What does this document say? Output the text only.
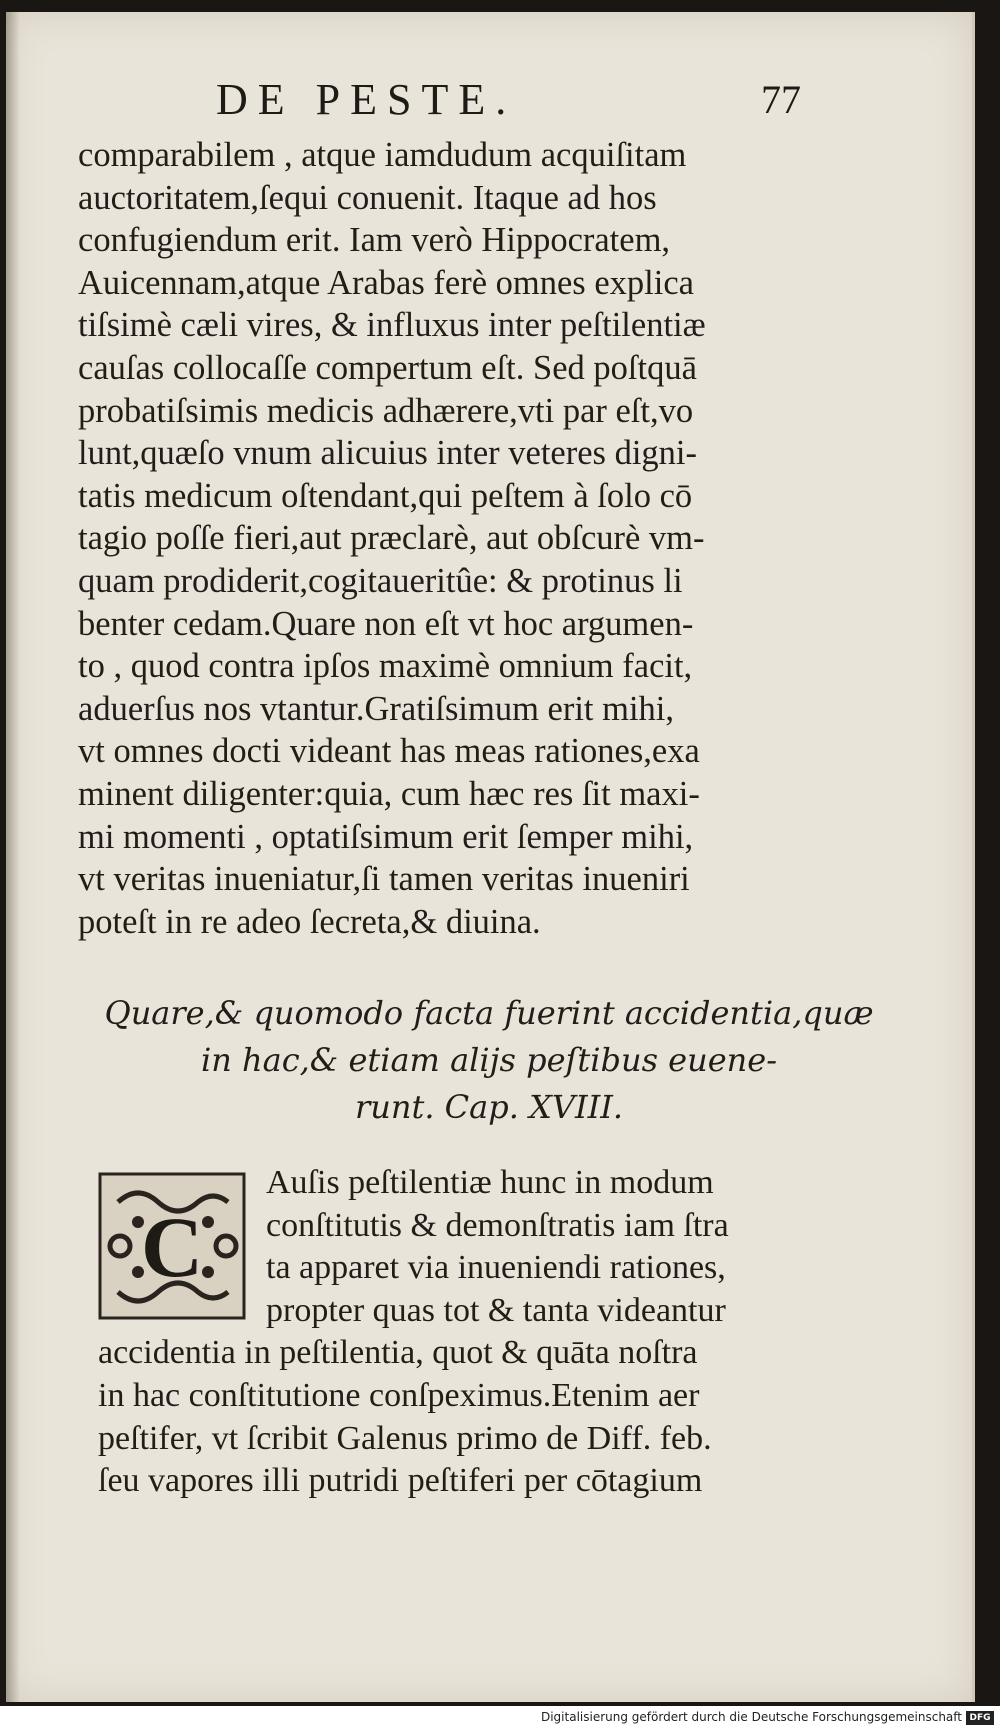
DE PESTE.	77
comparabilem , atque iamdudum acquiſitam
auctoritatem,ſequi conuenit. Itaque ad hos
confugiendum erit. Iam verò Hippocratem,
Auicennam,atque Arabas ferè omnes explica
tiſsimè cæli vires, & influxus inter peſtilentiæ
cauſas collocaſſe compertum eſt. Sed poſtquā
probatiſsimis medicis adhærere,vti par eſt,vo
lunt,quæſo vnum alicuius inter veteres digni-
tatis medicum oſtendant,qui peſtem à ſolo cō
tagio poſſe fieri,aut præclarè, aut obſcurè vm-
quam prodiderit,cogitaueritûe: & protinus li
benter cedam.Quare non eſt vt hoc argumen-
to , quod contra ipſos maximè omnium facit,
aduerſus nos vtantur.Gratiſsimum erit mihi,
vt omnes docti videant has meas rationes,exa
minent diligenter:quia, cum hæc res ſit maxi-
mi momenti , optatiſsimum erit ſemper mihi,
vt veritas inueniatur,ſi tamen veritas inueniri
poteſt in re adeo ſecreta,& diuina.
Quare,& quomodo facta fuerint accidentia,quæ
in hac,& etiam alijs peſtibus euene-
runt. Cap. XVIII.
C
Auſis peſtilentiæ hunc in modum
conſtitutis & demonſtratis iam ſtra
ta apparet via inueniendi rationes,
propter quas tot & tanta videantur
accidentia in peſtilentia, quot & quāta noſtra
in hac conſtitutione conſpeximus.Etenim aer
peſtifer, vt ſcribit Galenus primo de Diff. feb.
ſeu vapores illi putridi peſtiferi per cōtagium
Digitalisierung gefördert durch die Deutsche Forschungsgemeinschaft DFG
